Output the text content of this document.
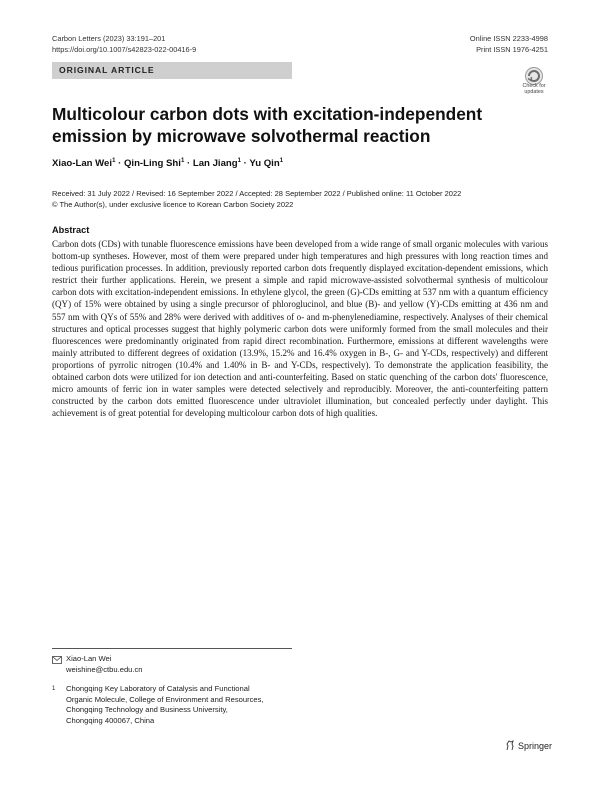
Carbon Letters (2023) 33:191–201
https://doi.org/10.1007/s42823-022-00416-9
Online ISSN 2233-4998
Print ISSN 1976-4251
ORIGINAL ARTICLE
Check for
updates
Multicolour carbon dots with excitation-independent emission by microwave solvothermal reaction
Xiao-Lan Wei$^1$ · Qin-Ling Shi$^1$ · Lan Jiang$^1$ · Yu Qin$^1$
Received: 31 July 2022 / Revised: 16 September 2022 / Accepted: 28 September 2022 / Published online: 11 October 2022
© The Author(s), under exclusive licence to Korean Carbon Society 2022
Abstract
Carbon dots (CDs) with tunable fluorescence emissions have been developed from a wide range of small organic molecules with various bottom-up syntheses. However, most of them were prepared under high temperatures and high pressures with long reaction times and tedious purification processes. In addition, previously reported carbon dots frequently displayed excitation-dependent emissions, which restrict their further applications. Herein, we present a simple and rapid microwave-assisted solvothermal synthesis of multicolour carbon dots with excitation-independent emissions. In ethylene glycol, the green (G)-CDs emitting at 537 nm with a quantum efficiency (QY) of 15% were obtained by using a single precursor of phloroglucinol, and blue (B)- and yellow (Y)-CDs emitting at 436 nm and 557 nm with QYs of 55% and 28% were derived with additives of o- and m-phenylenediamine, respectively. Analyses of their chemical structures and optical processes suggest that highly polymeric carbon dots were uniformly formed from the small molecules and their fluorescences were predominantly originated from rapid direct recombination. Furthermore, emissions at different wavelengths were mainly attributed to different degrees of oxidation (13.9%, 15.2% and 16.4% oxygen in B-, G- and Y-CDs, respectively) and different proportions of pyrrolic nitrogen (10.4% and 1.40% in B- and Y-CDs, respectively). To demonstrate the application feasibility, the obtained carbon dots were utilized for ion detection and anti-counterfeiting. Based on static quenching of the carbon dots' fluorescence, micro amounts of ferric ion in water samples were detected selectively and reproducibly. Moreover, the anti-counterfeiting pattern constructed by the carbon dots emitted fluorescence under ultraviolet illumination, but concealed perfectly under daylight. This achievement is of great potential for developing multicolour carbon dots of high qualities.
Xiao-Lan Wei
weishine@ctbu.edu.cn
1 Chongqing Key Laboratory of Catalysis and Functional
Organic Molecule, College of Environment and Resources,
Chongqing Technology and Business University,
Chongqing 400067, China
Springer
